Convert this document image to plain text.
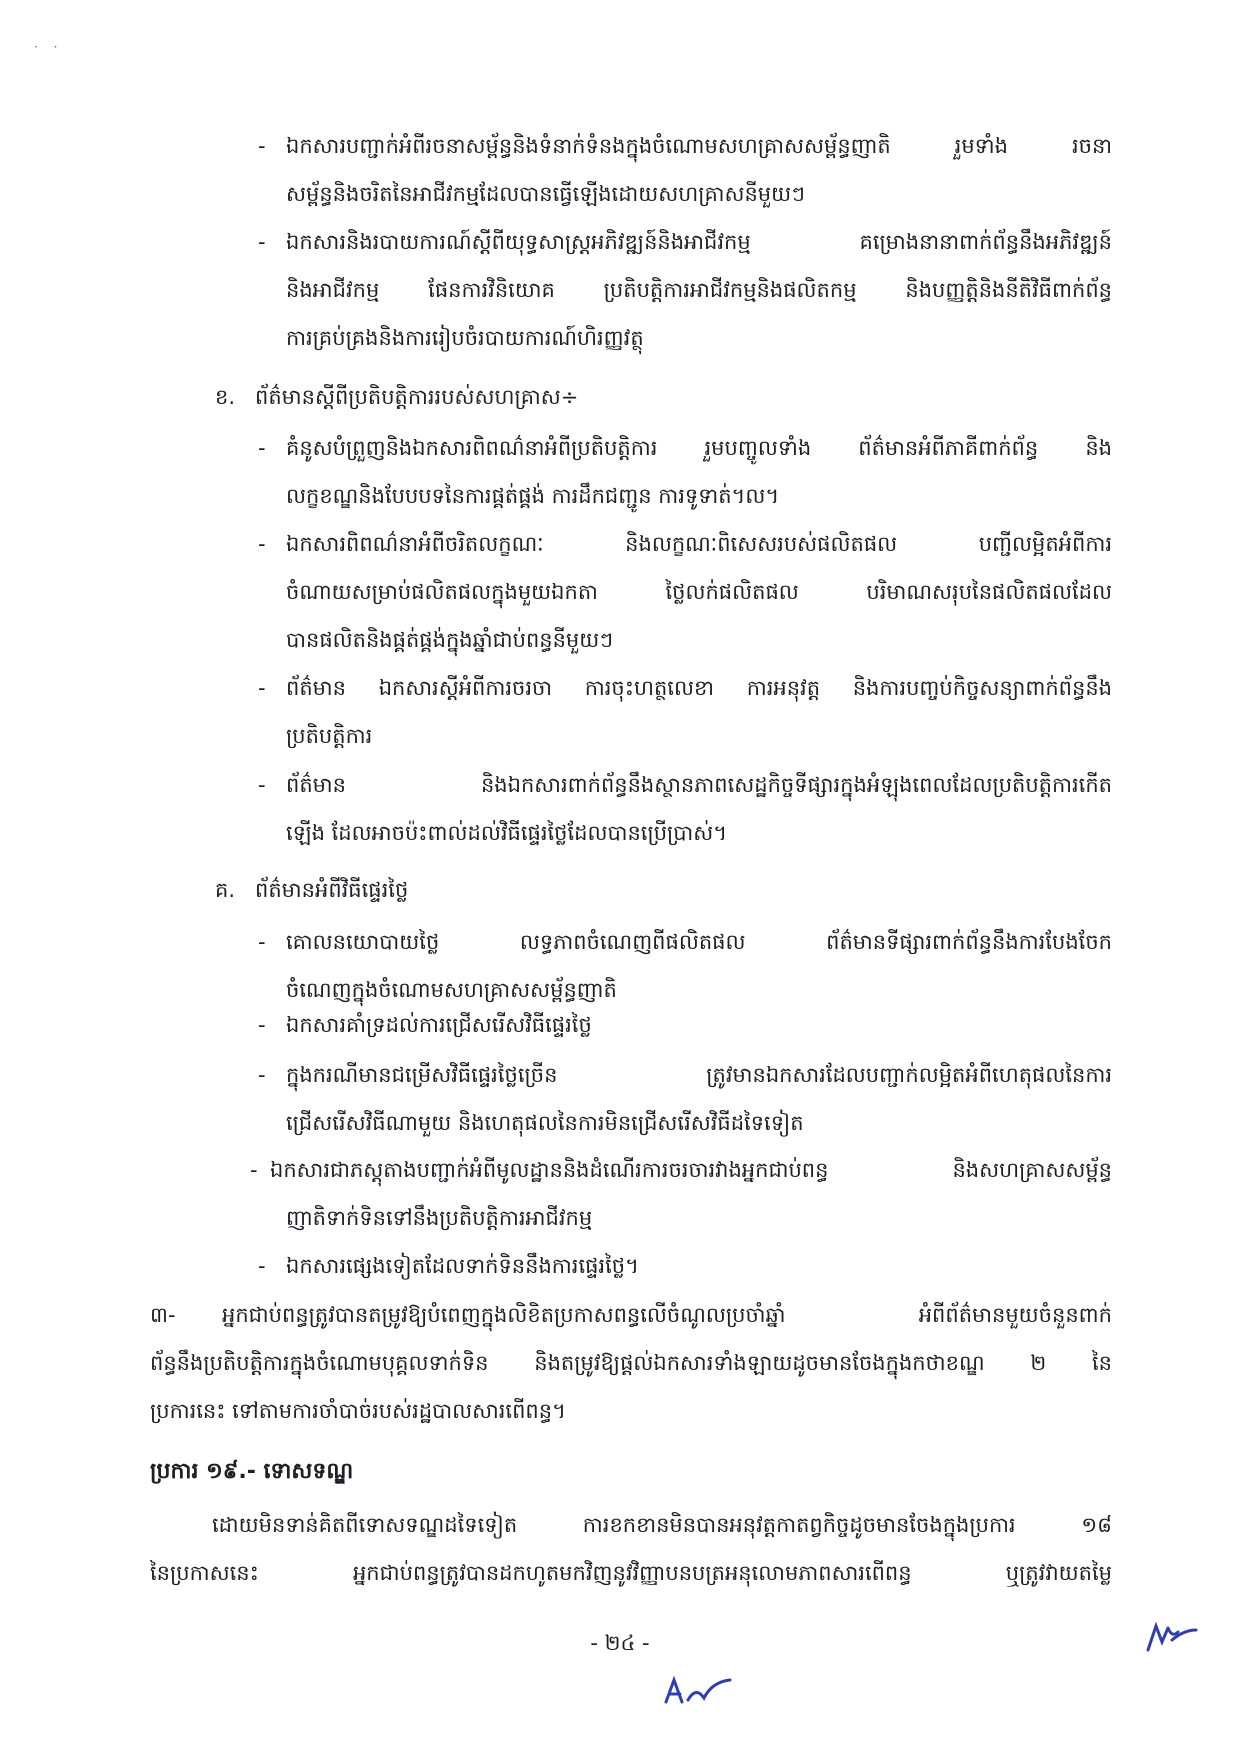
· ·
- ឯកសារបញ្ជាក់អំពីរចនាសម្ព័ន្ធនិងទំនាក់ទំនងក្នុងចំណោមសហគ្រាសសម្ព័ន្ធញាតិ រួមទាំង រចនា
សម្ព័ន្ធនិងចរិតនៃអាជីវកម្មដែលបានធ្វើឡើងដោយសហគ្រាសនីមួយៗ
- ឯកសារនិងរបាយការណ៍ស្ដីពីយុទ្ធសាស្ត្រអភិវឌ្ឍន៍និងអាជីវកម្ម គម្រោងនានាពាក់ព័ន្ធនឹងអភិវឌ្ឍន៍
និងអាជីវកម្ម ផែនការវិនិយោគ ប្រតិបត្តិការអាជីវកម្មនិងផលិតកម្ម និងបញ្ញត្តិនិងនីតិវិធីពាក់ព័ន្ធ
ការគ្រប់គ្រងនិងការរៀបចំរបាយការណ៍ហិរញ្ញវត្ថុ
ខ. ព័ត៌មានស្ដីពីប្រតិបត្តិការរបស់សហគ្រាស÷
- គំនូសបំព្រួញនិងឯកសារពិពណ៌នាអំពីប្រតិបត្តិការ រួមបញ្ចូលទាំង ព័ត៌មានអំពីភាគីពាក់ព័ន្ធ និង
លក្ខខណ្ឌនិងបែបបទនៃការផ្គត់ផ្គង់ ការដឹកជញ្ជូន ការទូទាត់។ល។
- ឯកសារពិពណ៌នាអំពីចរិតលក្ខណៈ និងលក្ខណៈពិសេសរបស់ផលិតផល បញ្ជីលម្អិតអំពីការ
ចំណាយសម្រាប់ផលិតផលក្នុងមួយឯកតា ថ្លៃលក់ផលិតផល បរិមាណសរុបនៃផលិតផលដែល
បានផលិតនិងផ្គត់ផ្គង់ក្នុងឆ្នាំជាប់ពន្ធនីមួយៗ
- ព័ត៌មាន ឯកសារស្ដីអំពីការចរចា ការចុះហត្ថលេខា ការអនុវត្ត និងការបញ្ចប់កិច្ចសន្យាពាក់ព័ន្ធនឹង
ប្រតិបត្តិការ
- ព័ត៌មាន និងឯកសារពាក់ព័ន្ធនឹងស្ថានភាពសេដ្ឋកិច្ចទីផ្សារក្នុងអំឡុងពេលដែលប្រតិបត្តិការកើត
ឡើង ដែលអាចប៉ះពាល់ដល់វិធីផ្ទេរថ្លៃដែលបានប្រើប្រាស់។
គ. ព័ត៌មានអំពីវិធីផ្ទេរថ្លៃ
- គោលនយោបាយថ្លៃ លទ្ធភាពចំណេញពីផលិតផល ព័ត៌មានទីផ្សារពាក់ព័ន្ធនឹងការបែងចែក
ចំណេញក្នុងចំណោមសហគ្រាសសម្ព័ន្ធញាតិ
- ឯកសារគាំទ្រដល់ការជ្រើសរើសវិធីផ្ទេរថ្លៃ
- ក្នុងករណីមានជម្រើសវិធីផ្ទេរថ្លៃច្រើន ត្រូវមានឯកសារដែលបញ្ជាក់លម្អិតអំពីហេតុផលនៃការ
ជ្រើសរើសវិធីណាមួយ និងហេតុផលនៃការមិនជ្រើសរើសវិធីដទៃទៀត
- ឯកសារជាភស្តុតាងបញ្ជាក់អំពីមូលដ្ឋាននិងដំណើរការចរចារវាងអ្នកជាប់ពន្ធ និងសហគ្រាសសម្ព័ន្ធ
ញាតិទាក់ទិនទៅនឹងប្រតិបត្តិការអាជីវកម្ម
- ឯកសារផ្សេងទៀតដែលទាក់ទិននឹងការផ្ទេរថ្លៃ។
៣- អ្នកជាប់ពន្ធត្រូវបានតម្រូវឱ្យបំពេញក្នុងលិខិតប្រកាសពន្ធលើចំណូលប្រចាំឆ្នាំ អំពីព័ត៌មានមួយចំនួនពាក់
ព័ន្ធនឹងប្រតិបត្តិការក្នុងចំណោមបុគ្គលទាក់ទិន និងតម្រូវឱ្យផ្ដល់ឯកសារទាំងឡាយដូចមានចែងក្នុងកថាខណ្ឌ ២ នៃ
ប្រការនេះ ទៅតាមការចាំបាច់របស់រដ្ឋបាលសារពើពន្ធ។
ប្រការ ១៩.- ទោសទណ្ឌ
ដោយមិនទាន់គិតពីទោសទណ្ឌដទៃទៀត ការខកខានមិនបានអនុវត្តកាតព្វកិច្ចដូចមានចែងក្នុងប្រការ ១៨
នៃប្រកាសនេះ អ្នកជាប់ពន្ធត្រូវបានដកហូតមកវិញនូវវិញ្ញាបនបត្រអនុលោមភាពសារពើពន្ធ ឬត្រូវវាយតម្លៃ
- ២៤ -
